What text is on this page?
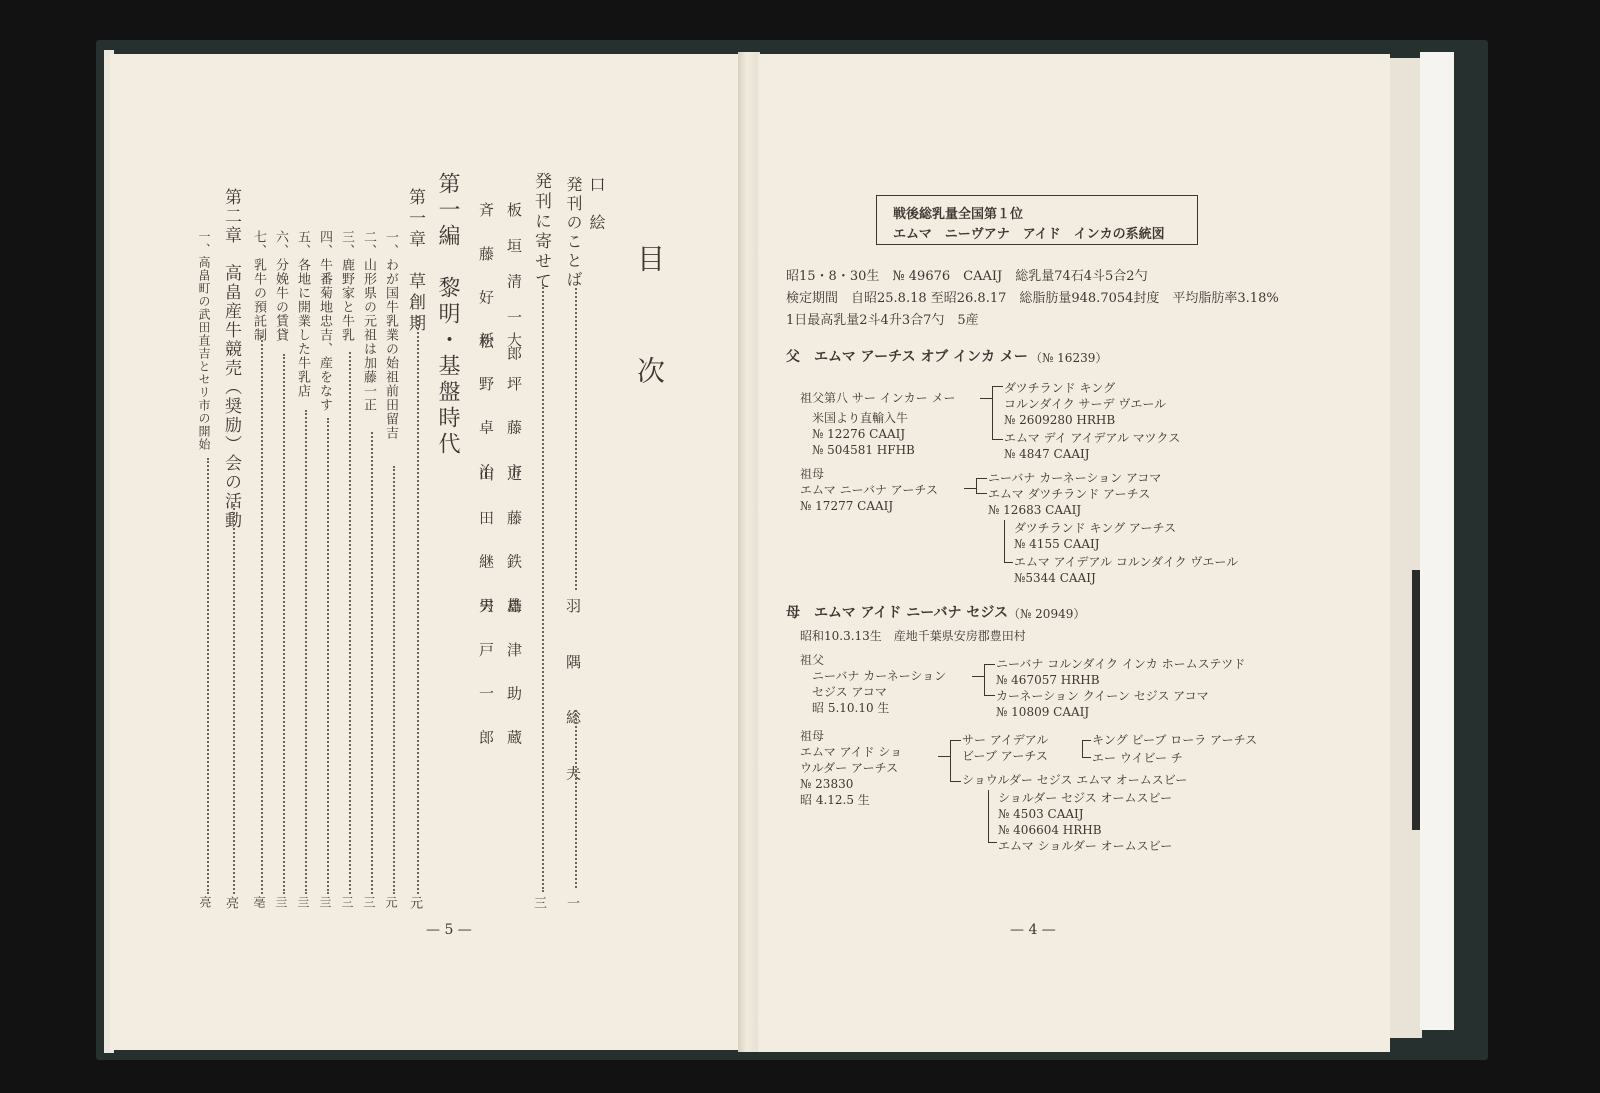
目　次
口　絵
発刊のことば
羽 隅 総 夫
一
発刊に寄せて
三
板 垣 清 一 郎
大 坪 藤 市
近 藤 鉄 雄
島 津 助 蔵
斉 藤 好 松
新 野 卓 治
山 田 継 男
宍 戸 一 郎
第一編　黎明・基盤時代
第一章　草創期
元
一、わが国牛乳業の始祖前田留吉
元
二、山形県の元祖は加藤一正
三
三、鹿野家と牛乳
三
四、牛番菊地忠吉、産をなす
亖
五、各地に開業した牛乳店
亖
六、分娩牛の賃貸
亖
七、乳牛の預託制
亳
第二章　高畠産牛競売（奨励）会の活動
亮
一、高畠町の武田直吉とセリ市の開始
亮
— 5 —
戦後総乳量全国第１位
エムマ　ニーヴアナ　アイド　インカの系統図
昭15・8・30生　№ 49676　CAAIJ　総乳量74石4斗5合2勺
検定期間　自昭25.8.18 至昭26.8.17　総脂肪量948.7054封度　平均脂肪率3.18%
1日最高乳量2斗4升3合7勺　5産
父　エムマ アーチス オブ インカ メー （№ 16239）
祖父第八 サー インカー メー
米国より直輸入牛
№ 12276 CAAIJ
№ 504581 HFHB
ダツチランド キング
コルンダイク サーデ ヴエール
№ 2609280 HRHB
エムマ デイ アイデアル マツクス
№ 4847 CAAIJ
祖母
エムマ ニーバナ アーチス
№ 17277 CAAIJ
ニーバナ カーネーション アコマ
エムマ ダツチランド アーチス
№ 12683 CAAIJ
ダツチランド キング アーチス
№ 4155 CAAIJ
エムマ アイデアル コルンダイク ヴエール
№5344 CAAIJ
母　エムマ アイド ニーバナ セジス （№ 20949）
昭和10.3.13生　産地千葉県安房郡豊田村
祖父
ニーバナ カーネーション
セジス アコマ
昭 5.10.10 生
ニーバナ コルンダイク インカ ホームステツド
№ 467057 HRHB
カーネーション クイーン セジス アコマ
№ 10809 CAAIJ
祖母
エムマ アイド ショ
ウルダー アーチス
№ 23830
昭 4.12.5 生
サー アイデアル
ビーブ アーチス
キング ビーブ ローラ アーチス
エー ウイビー チ
ショウルダー セジス エムマ オームスビー
ショルダー セジス オームスビー
№ 4503 CAAIJ
№ 406604 HRHB
エムマ ショルダー オームスビー
— 4 —
